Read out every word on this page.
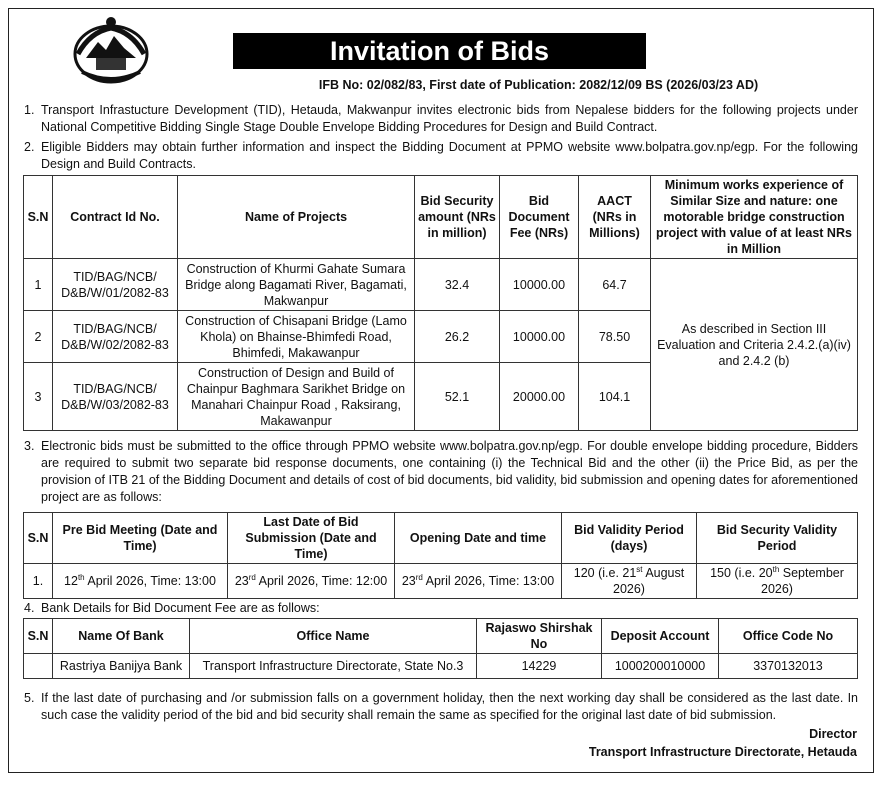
Invitation of Bids
IFB No: 02/082/83, First date of Publication: 2082/12/09 BS (2026/03/23 AD)
1. Transport Infrastucture Development (TID), Hetauda, Makwanpur invites electronic bids from Nepalese bidders for the following projects under National Competitive Bidding Single Stage Double Envelope Bidding Procedures for Design and Build Contract.
2. Eligible Bidders may obtain further information and inspect the Bidding Document at PPMO website www.bolpatra.gov.np/egp. For the following Design and Build Contracts.
S.N	Contract Id No.	Name of Projects	Bid Security amount (NRs in million)	Bid Document Fee (NRs)	AACT (NRs in Millions)	Minimum works experience of Similar Size and nature: one motorable bridge construction project with value of at least NRs in Million
1	TID/BAG/NCB/ D&B/W/01/2082-83	Construction of Khurmi Gahate Sumara Bridge along Bagamati River, Bagamati, Makwanpur	32.4	10000.00	64.7	As described in Section III Evaluation and Criteria 2.4.2.(a)(iv) and 2.4.2 (b)
2	TID/BAG/NCB/ D&B/W/02/2082-83	Construction of Chisapani Bridge (Lamo Khola) on Bhainse-Bhimfedi Road, Bhimfedi, Makawanpur	26.2	10000.00	78.50	
3	TID/BAG/NCB/ D&B/W/03/2082-83	Construction of Design and Build of Chainpur Baghmara Sarikhet Bridge on Manahari Chainpur Road , Raksirang, Makawanpur	52.1	20000.00	104.1	
3. Electronic bids must be submitted to the office through PPMO website www.bolpatra.gov.np/egp. For double envelope bidding procedure, Bidders are required to submit two separate bid response documents, one containing (i) the Technical Bid and the other (ii) the Price Bid, as per the provision of ITB 21 of the Bidding Document and details of cost of bid documents, bid validity, bid submission and opening dates for aforementioned project are as follows:
S.N	Pre Bid Meeting (Date and Time)	Last Date of Bid Submission (Date and Time)	Opening Date and time	Bid Validity Period (days)	Bid Security Validity Period
1.	12th April 2026, Time: 13:00	23rd April 2026, Time: 12:00	23rd April 2026, Time: 13:00	120 (i.e. 21st August 2026)	150 (i.e. 20th September 2026)
4. Bank Details for Bid Document Fee are as follows:
S.N	Name Of Bank	Office Name	Rajaswo Shirshak No	Deposit Account	Office Code No
	Rastriya Banijya Bank	Transport Infrastructure Directorate, State No.3	14229	1000200010000	3370132013
5. If the last date of purchasing and /or submission falls on a government holiday, then the next working day shall be considered as the last date. In such case the validity period of the bid and bid security shall remain the same as specified for the original last date of bid submission.
Director
Transport Infrastructure Directorate, Hetauda
